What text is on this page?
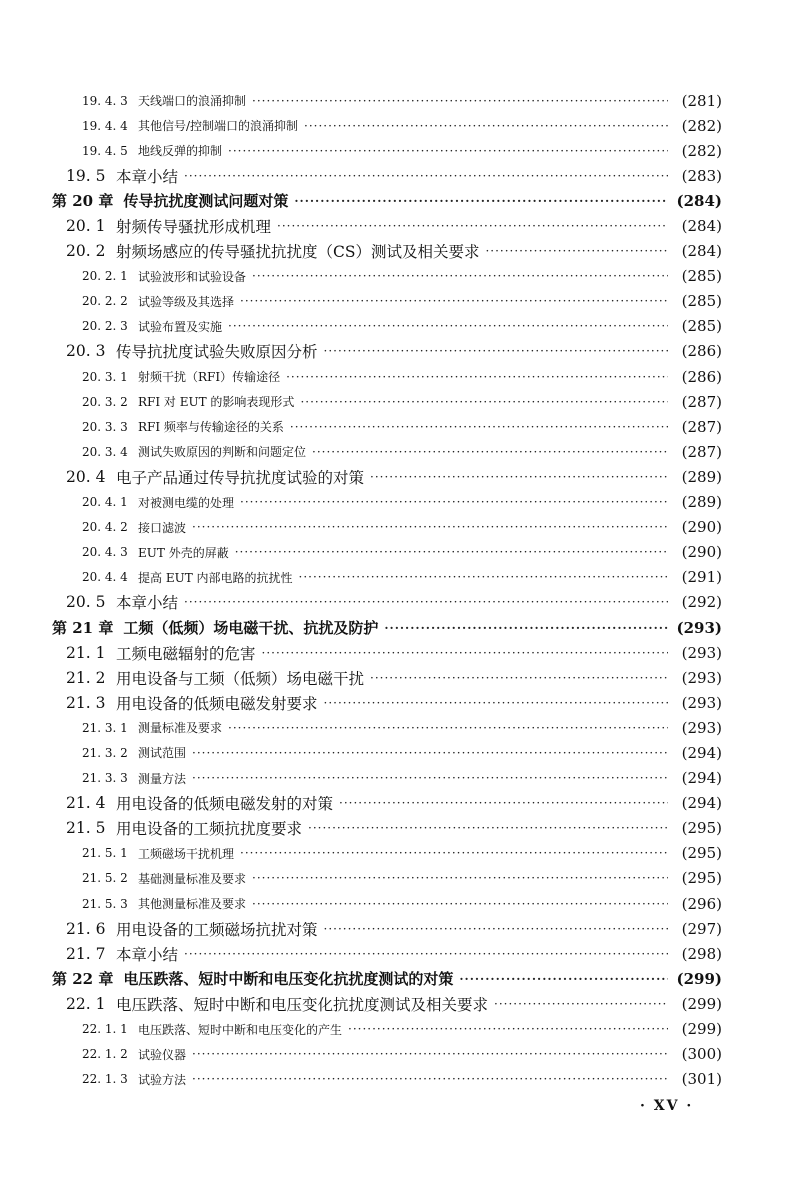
19. 4. 3 天线端口的浪涌抑制 ·····	(281)
19. 4. 4 其他信号/控制端口的浪涌抑制 ·····	(282)
19. 4. 5 地线反弹的抑制 ·····	(282)
19. 5 本章小结 ·····	(283)
第 20 章 传导抗扰度测试问题对策 ·····	(284)
20. 1 射频传导骚扰形成机理 ·····	(284)
20. 2 射频场感应的传导骚扰抗扰度（CS）测试及相关要求 ·····	(284)
20. 2. 1 试验波形和试验设备 ·····	(285)
20. 2. 2 试验等级及其选择 ·····	(285)
20. 2. 3 试验布置及实施 ·····	(285)
20. 3 传导抗扰度试验失败原因分析 ·····	(286)
20. 3. 1 射频干扰（RFI）传输途径 ·····	(286)
20. 3. 2 RFI 对 EUT 的影响表现形式 ·····	(287)
20. 3. 3 RFI 频率与传输途径的关系 ·····	(287)
20. 3. 4 测试失败原因的判断和问题定位 ·····	(287)
20. 4 电子产品通过传导抗扰度试验的对策 ·····	(289)
20. 4. 1 对被测电缆的处理 ·····	(289)
20. 4. 2 接口滤波 ·····	(290)
20. 4. 3 EUT 外壳的屏蔽 ·····	(290)
20. 4. 4 提高 EUT 内部电路的抗扰性 ·····	(291)
20. 5 本章小结 ·····	(292)
第 21 章 工频（低频）场电磁干扰、抗扰及防护 ·····	(293)
21. 1 工频电磁辐射的危害 ·····	(293)
21. 2 用电设备与工频（低频）场电磁干扰 ·····	(293)
21. 3 用电设备的低频电磁发射要求 ·····	(293)
21. 3. 1 测量标准及要求 ·····	(293)
21. 3. 2 测试范围 ·····	(294)
21. 3. 3 测量方法 ·····	(294)
21. 4 用电设备的低频电磁发射的对策 ·····	(294)
21. 5 用电设备的工频抗扰度要求 ·····	(295)
21. 5. 1 工频磁场干扰机理 ·····	(295)
21. 5. 2 基础测量标准及要求 ·····	(295)
21. 5. 3 其他测量标准及要求 ·····	(296)
21. 6 用电设备的工频磁场抗扰对策 ·····	(297)
21. 7 本章小结 ·····	(298)
第 22 章 电压跌落、短时中断和电压变化抗扰度测试的对策 ·····	(299)
22. 1 电压跌落、短时中断和电压变化抗扰度测试及相关要求 ·····	(299)
22. 1. 1 电压跌落、短时中断和电压变化的产生 ·····	(299)
22. 1. 2 试验仪器 ·····	(300)
22. 1. 3 试验方法 ·····	(301)
· XV ·
